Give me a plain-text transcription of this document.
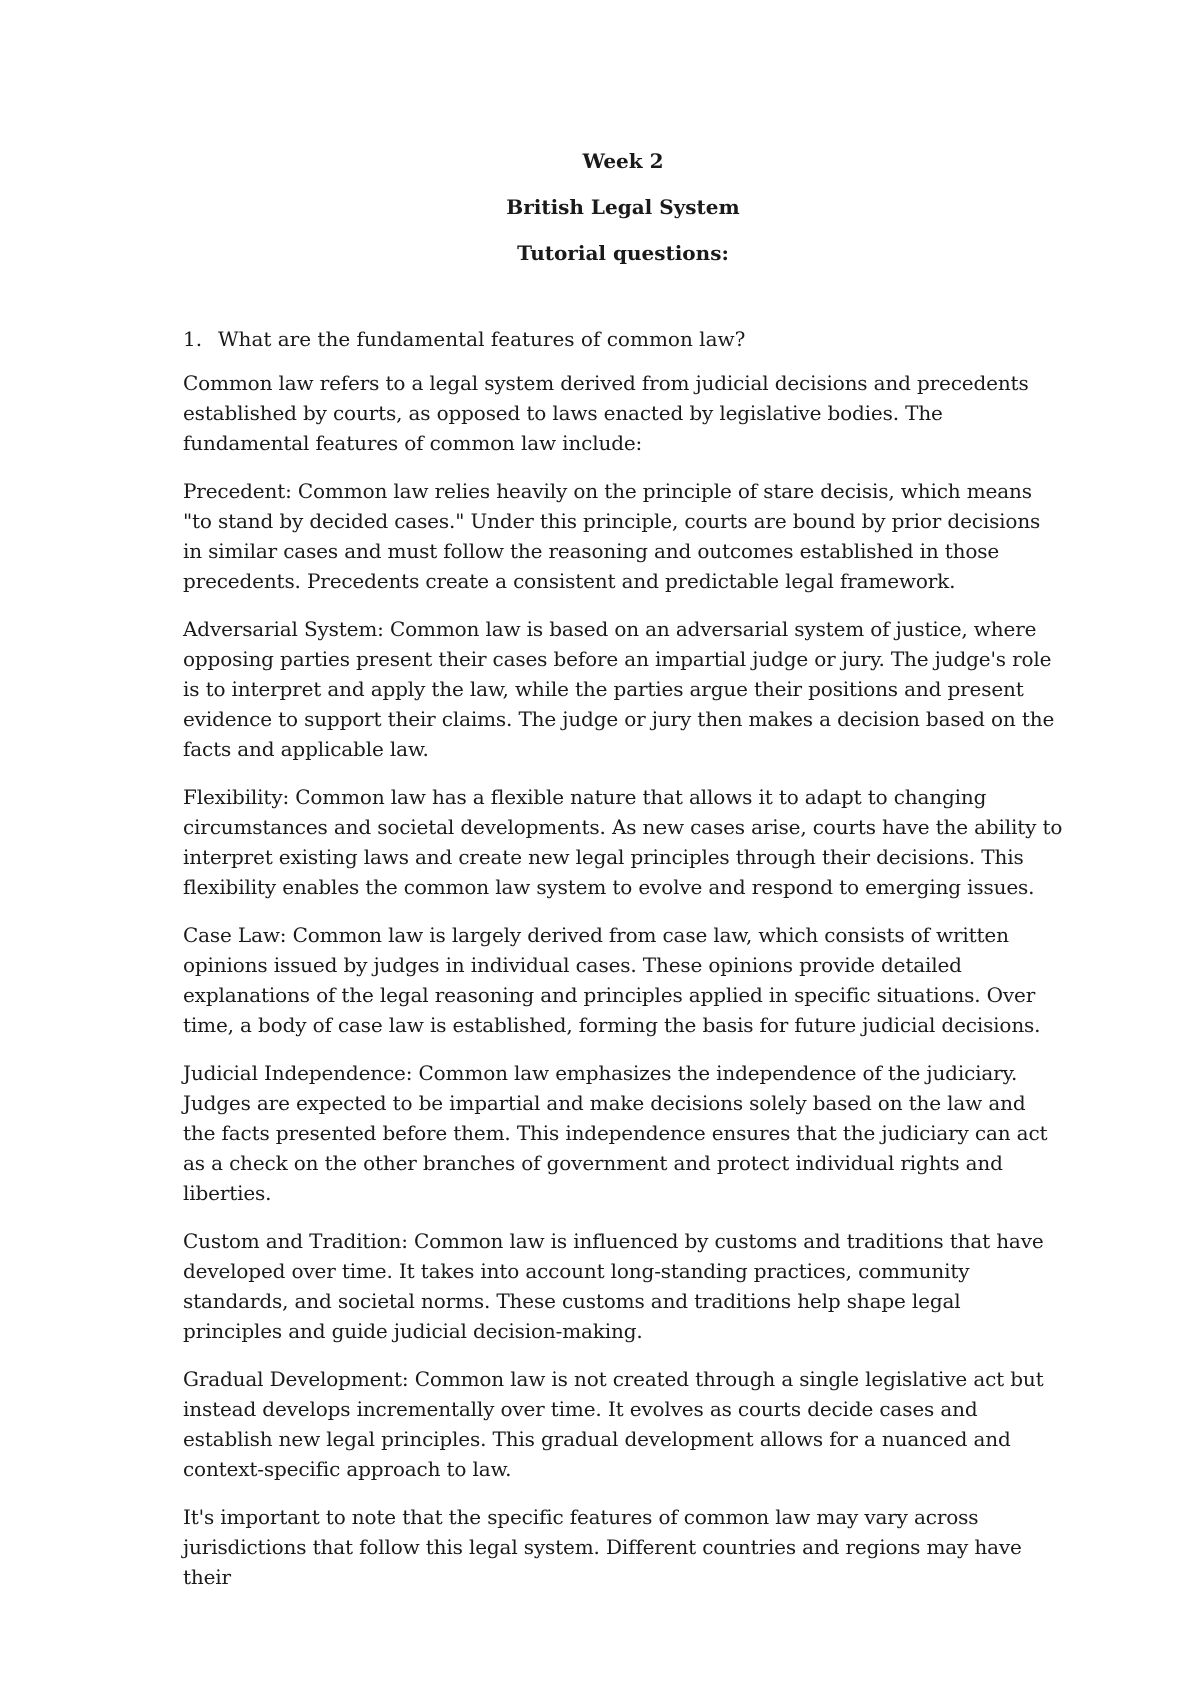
Week 2

British Legal System

Tutorial questions:

1. What are the fundamental features of common law?

Common law refers to a legal system derived from judicial decisions and precedents established by courts, as opposed to laws enacted by legislative bodies. The fundamental features of common law include:

Precedent: Common law relies heavily on the principle of stare decisis, which means "to stand by decided cases." Under this principle, courts are bound by prior decisions in similar cases and must follow the reasoning and outcomes established in those precedents. Precedents create a consistent and predictable legal framework.

Adversarial System: Common law is based on an adversarial system of justice, where opposing parties present their cases before an impartial judge or jury. The judge's role is to interpret and apply the law, while the parties argue their positions and present evidence to support their claims. The judge or jury then makes a decision based on the facts and applicable law.

Flexibility: Common law has a flexible nature that allows it to adapt to changing circumstances and societal developments. As new cases arise, courts have the ability to interpret existing laws and create new legal principles through their decisions. This flexibility enables the common law system to evolve and respond to emerging issues.

Case Law: Common law is largely derived from case law, which consists of written opinions issued by judges in individual cases. These opinions provide detailed explanations of the legal reasoning and principles applied in specific situations. Over time, a body of case law is established, forming the basis for future judicial decisions.

Judicial Independence: Common law emphasizes the independence of the judiciary. Judges are expected to be impartial and make decisions solely based on the law and the facts presented before them. This independence ensures that the judiciary can act as a check on the other branches of government and protect individual rights and liberties.

Custom and Tradition: Common law is influenced by customs and traditions that have developed over time. It takes into account long-standing practices, community standards, and societal norms. These customs and traditions help shape legal principles and guide judicial decision-making.

Gradual Development: Common law is not created through a single legislative act but instead develops incrementally over time. It evolves as courts decide cases and establish new legal principles. This gradual development allows for a nuanced and context-specific approach to law.

It's important to note that the specific features of common law may vary across jurisdictions that follow this legal system. Different countries and regions may have their
